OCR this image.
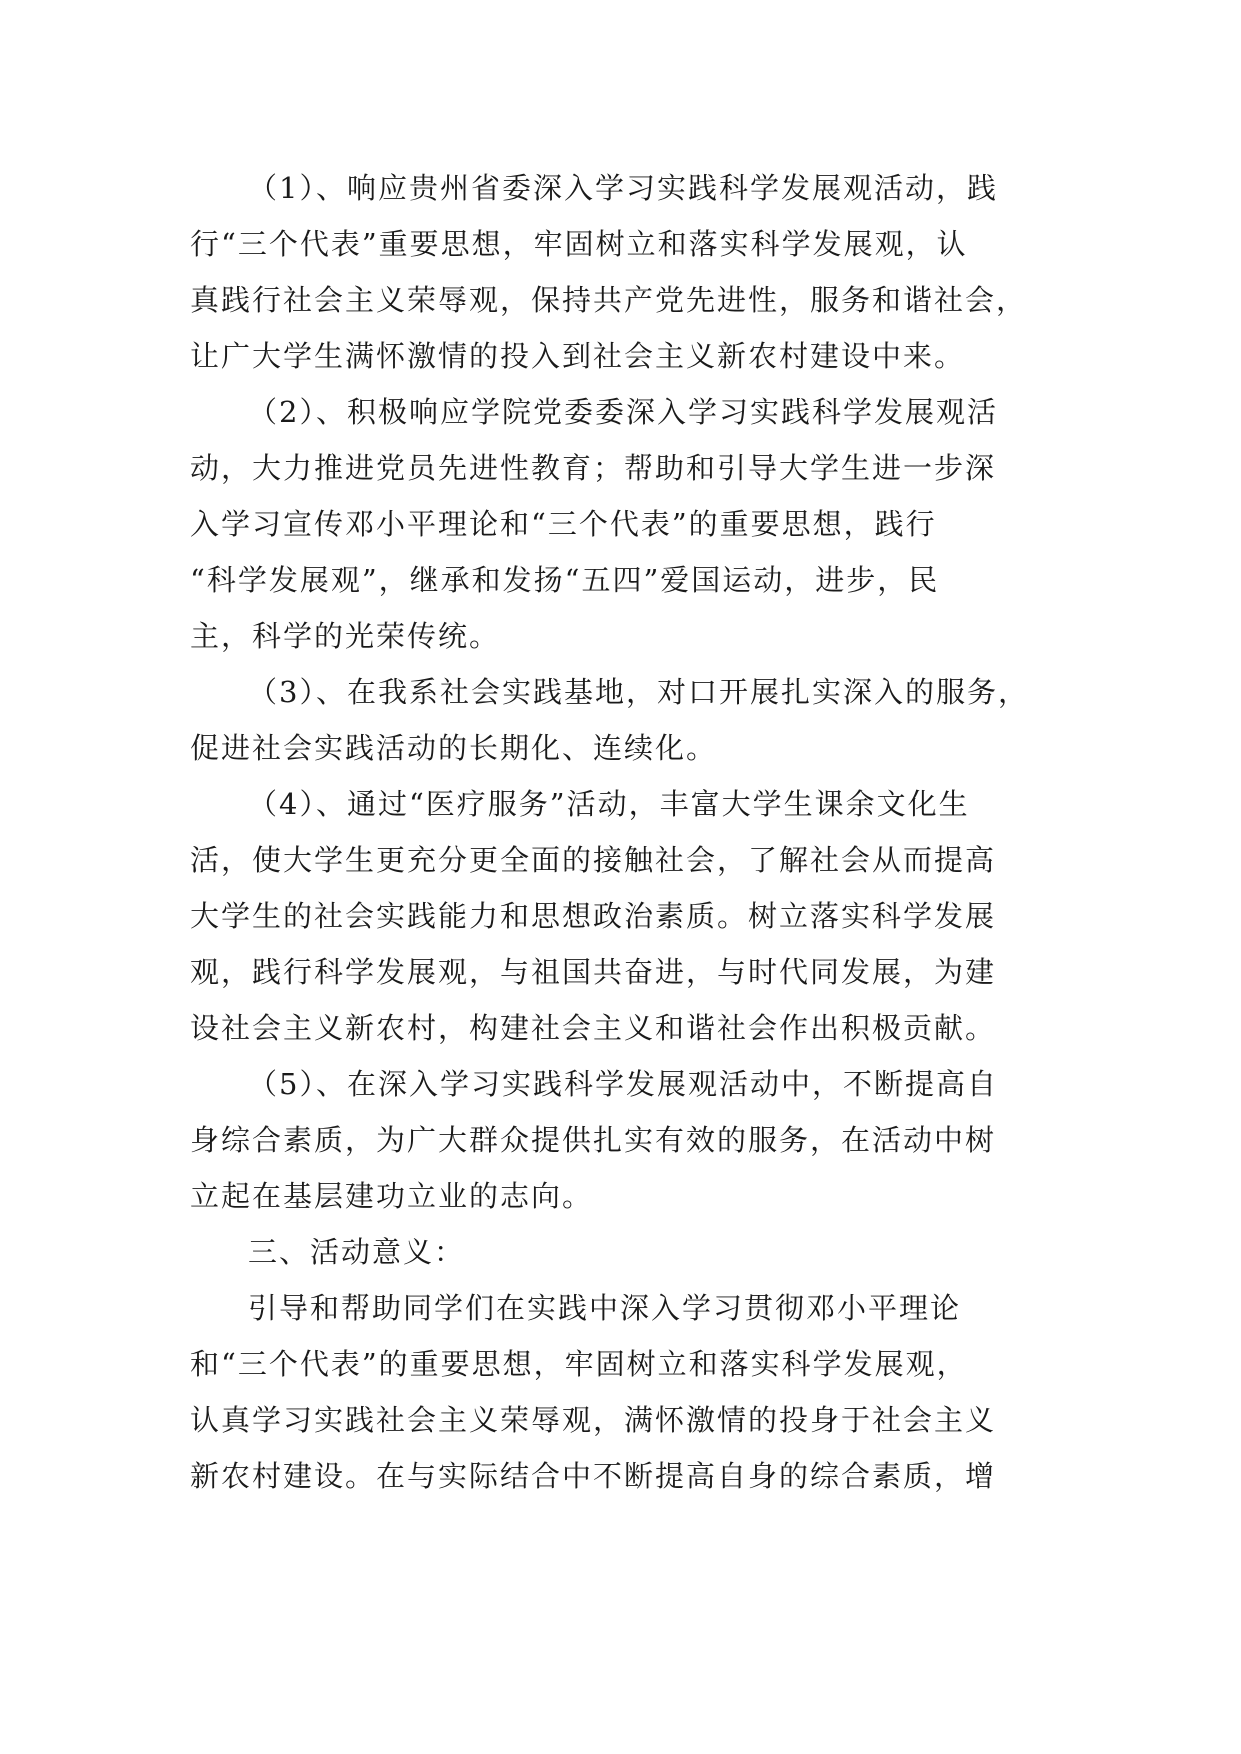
（1）、响应贵州省委深入学习实践科学发展观活动，践
行“三个代表”重要思想，牢固树立和落实科学发展观，认
真践行社会主义荣辱观，保持共产党先进性，服务和谐社会，
让广大学生满怀激情的投入到社会主义新农村建设中来。
（2）、积极响应学院党委委深入学习实践科学发展观活
动，大力推进党员先进性教育；帮助和引导大学生进一步深
入学习宣传邓小平理论和“三个代表”的重要思想，践行
“科学发展观”，继承和发扬“五四”爱国运动，进步，民
主，科学的光荣传统。
（3）、在我系社会实践基地，对口开展扎实深入的服务，
促进社会实践活动的长期化、连续化。
（4）、通过“医疗服务”活动，丰富大学生课余文化生
活，使大学生更充分更全面的接触社会，了解社会从而提高
大学生的社会实践能力和思想政治素质。树立落实科学发展
观，践行科学发展观，与祖国共奋进，与时代同发展，为建
设社会主义新农村，构建社会主义和谐社会作出积极贡献。
（5）、在深入学习实践科学发展观活动中，不断提高自
身综合素质，为广大群众提供扎实有效的服务，在活动中树
立起在基层建功立业的志向。
三、活动意义：
引导和帮助同学们在实践中深入学习贯彻邓小平理论
和“三个代表”的重要思想，牢固树立和落实科学发展观，
认真学习实践社会主义荣辱观，满怀激情的投身于社会主义
新农村建设。在与实际结合中不断提高自身的综合素质，增
